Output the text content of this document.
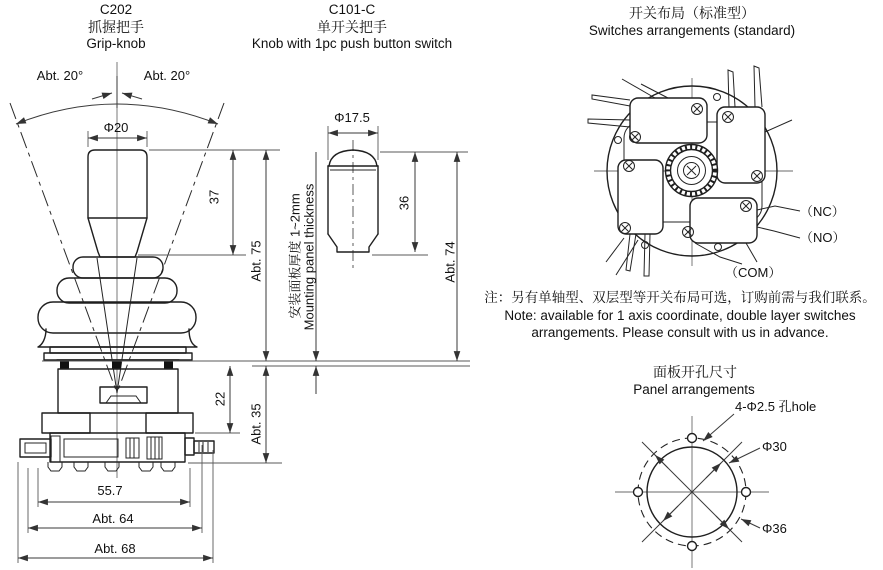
C202
抓握把手
Grip-knob
C101-C
单开关把手
Knob with 1pc push button switch
开关布局（标准型）
Switches arrangements (standard)
Abt. 20°	Abt. 20°
Φ20
37
Abt. 75
22
Abt. 35
55.7
Abt. 64
Abt. 68
Φ17.5
36
Abt. 74
安装面板厚度 1~2mm Mounting panel thickness	（NC）
（NO）
（COM）
注：另有单轴型、双层型等开关布局可选，订购前需与我们联系。
Note: available for 1 axis coordinate, double layer switches
arrangements. Please consult with us in advance.
面板开孔尺寸
Panel arrangements
4-Φ2.5 孔hole
Φ30
Φ36
